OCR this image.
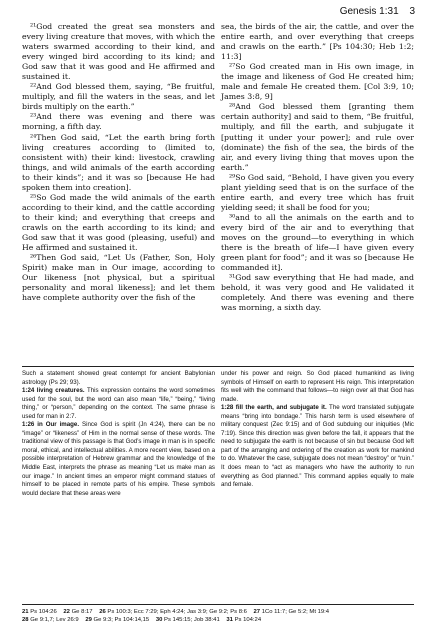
Genesis 1:31 3

²¹God created the great sea monsters and every living creature that moves, with which the waters swarmed according to their kind, and every winged bird according to its kind; and God saw that it was good and He affirmed and sustained it.

²²And God blessed them, saying, “Be fruitful, multiply, and fill the waters in the seas, and let birds multiply on the earth.”

²³And there was evening and there was morning, a fifth day.

²⁴Then God said, “Let the earth bring forth living creatures according to (limited to, consistent with) their kind: livestock, crawling things, and wild animals of the earth according to their kinds”; and it was so [because He had spoken them into creation].

²⁵So God made the wild animals of the earth according to their kind, and the cattle according to their kind; and everything that creeps and crawls on the earth according to its kind; and God saw that it was good (pleasing, useful) and He affirmed and sustained it.

²⁶Then God said, “Let Us (Father, Son, Holy Spirit) make man in Our image, according to Our likeness [not physical, but a spiritual personality and moral likeness]; and let them have complete authority over the fish of the

sea, the birds of the air, the cattle, and over the entire earth, and over everything that creeps and crawls on the earth.” [Ps 104:30; Heb 1:2; 11:3]

²⁷So God created man in His own image, in the image and likeness of God He created him; male and female He created them. [Col 3:9, 10; James 3:8, 9]

²⁸And God blessed them [granting them certain authority] and said to them, “Be fruitful, multiply, and fill the earth, and subjugate it [putting it under your power]; and rule over (dominate) the fish of the sea, the birds of the air, and every living thing that moves upon the earth.”

²⁹So God said, “Behold, I have given you every plant yielding seed that is on the surface of the entire earth, and every tree which has fruit yielding seed; it shall be food for you;

³⁰and to all the animals on the earth and to every bird of the air and to everything that moves on the ground—to everything in which there is the breath of life—I have given every green plant for food”; and it was so [because He commanded it].

³¹God saw everything that He had made, and behold, it was very good and He validated it completely. And there was evening and there was morning, a sixth day.

Such a statement showed great contempt for ancient Babylonian astrology (Ps 29; 93).

1:24 living creatures. This expression contains the word sometimes used for the soul, but the word can also mean “life,” “being,” “living thing,” or “person,” depending on the context. The same phrase is used for man in 2:7.

1:26 in Our image. Since God is spirit (Jn 4:24), there can be no “image” or “likeness” of Him in the normal sense of these words. The traditional view of this passage is that God’s image in man is in specific moral, ethical, and intellectual abilities. A more recent view, based on a possible interpretation of Hebrew grammar and the knowledge of the Middle East, interprets the phrase as meaning “Let us make man as our image.” In ancient times an emperor might command statues of himself to be placed in remote parts of his empire. These symbols would declare that these areas were

under his power and reign. So God placed humankind as living symbols of Himself on earth to represent His reign. This interpretation fits well with the command that follows—to reign over all that God has made.

1:28 fill the earth, and subjugate it. The word translated subjugate means “bring into bondage.” This harsh term is used elsewhere of military conquest (Zec 9:15) and of God subduing our iniquities (Mic 7:19). Since this direction was given before the fall, it appears that the need to subjugate the earth is not because of sin but because God left part of the arranging and ordering of the creation as work for mankind to do. Whatever the case, subjugate does not mean “destroy” or “ruin.” It does mean to “act as managers who have the authority to run everything as God planned.” This command applies equally to male and female.

21 Ps 104:26 22 Ge 8:17 26 Ps 100:3; Ecc 7:29; Eph 4:24; Jas 3:9; Ge 9:2; Ps 8:6 27 1Co 11:7; Ge 5:2; Mt 19:4
28 Ge 9:1,7; Lev 26:9 29 Ge 9:3; Ps 104:14,15 30 Ps 145:15; Job 38:41 31 Ps 104:24
